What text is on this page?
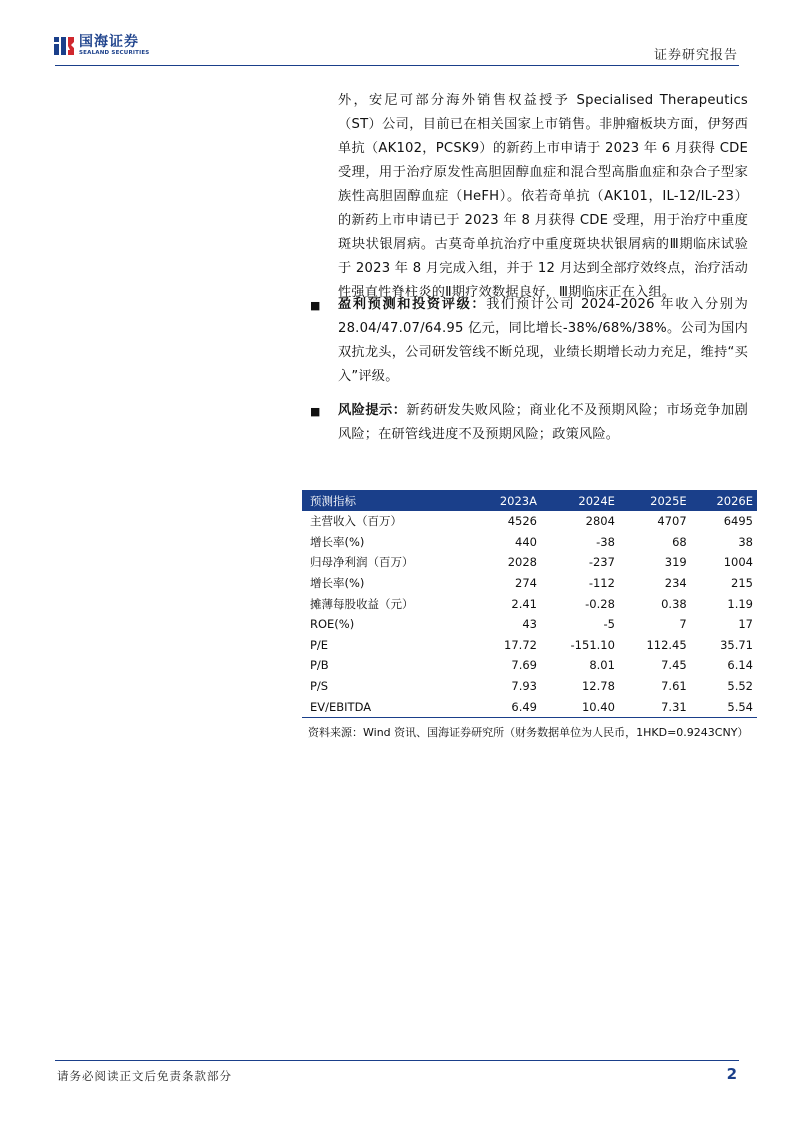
国海证券
SEALAND SECURITIES	证券研究报告
外，安尼可部分海外销售权益授予 Specialised Therapeutics（ST）公司，目前已在相关国家上市销售。非肿瘤板块方面，伊努西单抗（AK102，PCSK9）的新药上市申请于 2023 年 6 月获得 CDE 受理，用于治疗原发性高胆固醇血症和混合型高脂血症和杂合子型家族性高胆固醇血症（HeFH）。依若奇单抗（AK101，IL-12/IL-23）的新药上市申请已于 2023 年 8 月获得 CDE 受理，用于治疗中重度斑块状银屑病。古莫奇单抗治疗中重度斑块状银屑病的Ⅲ期临床试验于 2023 年 8 月完成入组，并于 12 月达到全部疗效终点，治疗活动性强直性脊柱炎的Ⅱ期疗效数据良好，Ⅲ期临床正在入组。
■ 盈利预测和投资评级：我们预计公司 2024-2026 年收入分别为 28.04/47.07/64.95 亿元，同比增长-38%/68%/38%。公司为国内双抗龙头，公司研发管线不断兑现，业绩长期增长动力充足，维持“买入”评级。
■ 风险提示：新药研发失败风险；商业化不及预期风险；市场竞争加剧风险；在研管线进度不及预期风险；政策风险。
预测指标	2023A	2024E	2025E	2026E
主营收入（百万）	4526	2804	4707	6495
增长率(%)	440	-38	68	38
归母净利润（百万）	2028	-237	319	1004
增长率(%)	274	-112	234	215
摊薄每股收益（元）	2.41	-0.28	0.38	1.19
ROE(%)	43	-5	7	17
P/E	17.72	-151.10	112.45	35.71
P/B	7.69	8.01	7.45	6.14
P/S	7.93	12.78	7.61	5.52
EV/EBITDA	6.49	10.40	7.31	5.54
资料来源：Wind 资讯、国海证券研究所（财务数据单位为人民币，1HKD=0.9243CNY）
请务必阅读正文后免责条款部分	2
